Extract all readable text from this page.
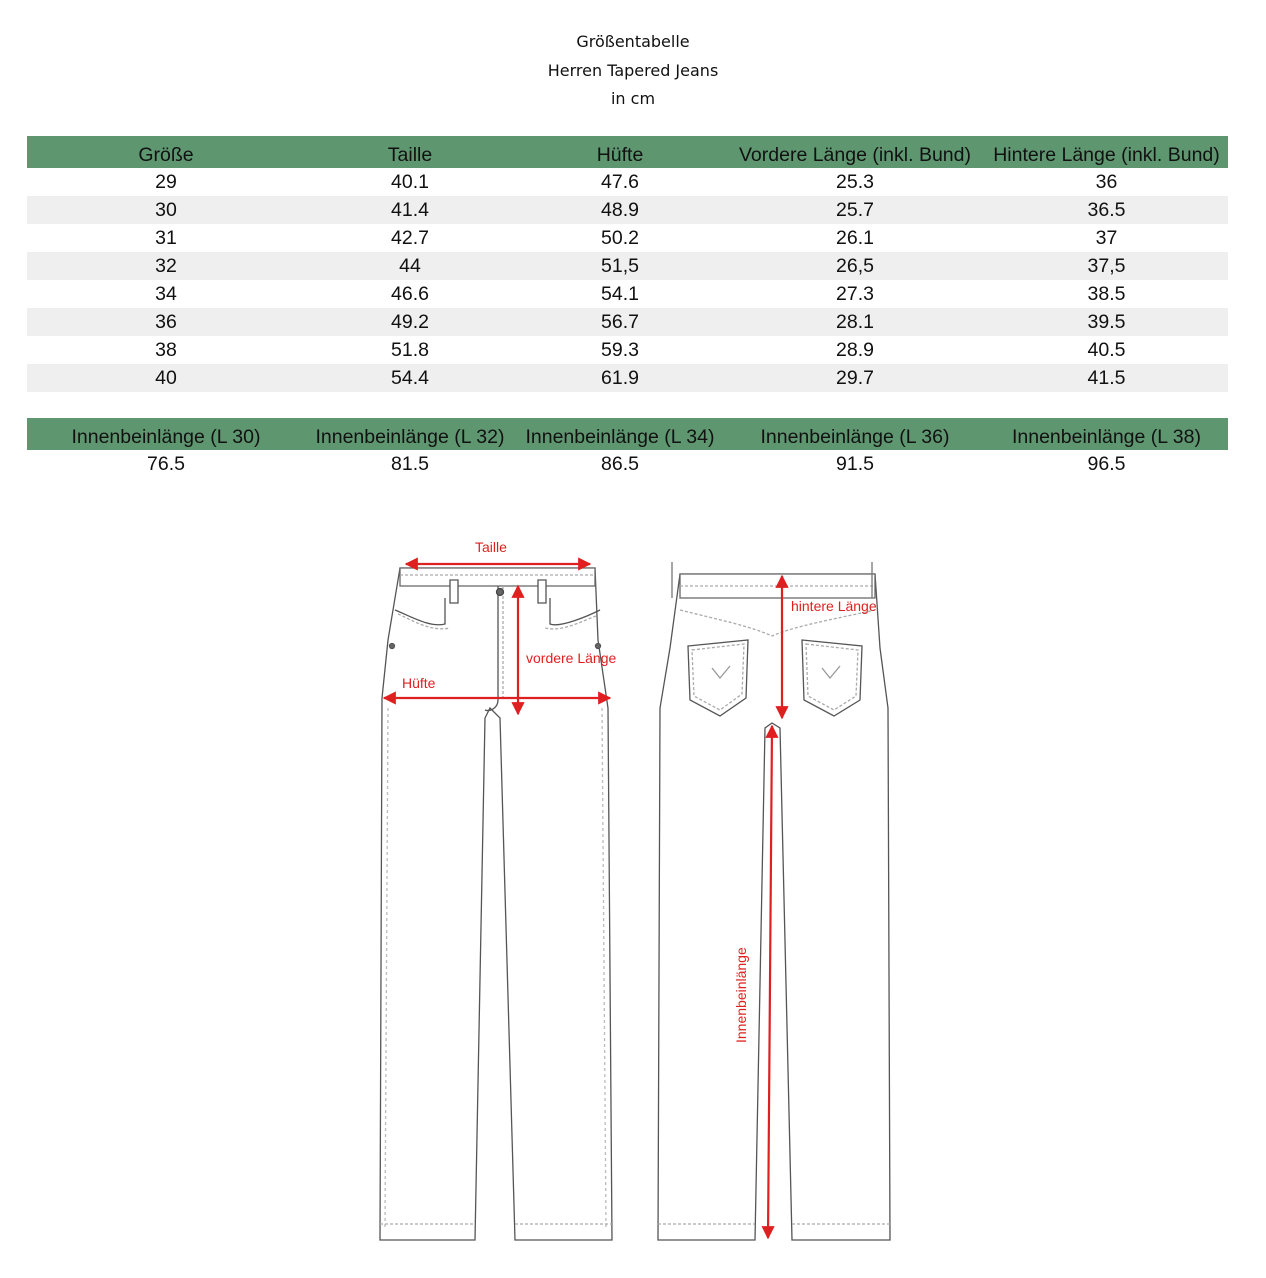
Größentabelle
Herren Tapered Jeans
in cm
Größe	Taille	Hüfte	Vordere Länge (inkl. Bund)	Hintere Länge (inkl. Bund)
29	40.1	47.6	25.3	36
30	41.4	48.9	25.7	36.5
31	42.7	50.2	26.1	37
32	44	51,5	26,5	37,5
34	46.6	54.1	27.3	38.5
36	49.2	56.7	28.1	39.5
38	51.8	59.3	28.9	40.5
40	54.4	61.9	29.7	41.5
Innenbeinlänge (L 30)	Innenbeinlänge (L 32)	Innenbeinlänge (L 34)	Innenbeinlänge (L 36)	Innenbeinlänge (L 38)
76.5	81.5	86.5	91.5	96.5
Taille
vordere Länge
Hüfte
hintere Länge
Innenbeinlänge
